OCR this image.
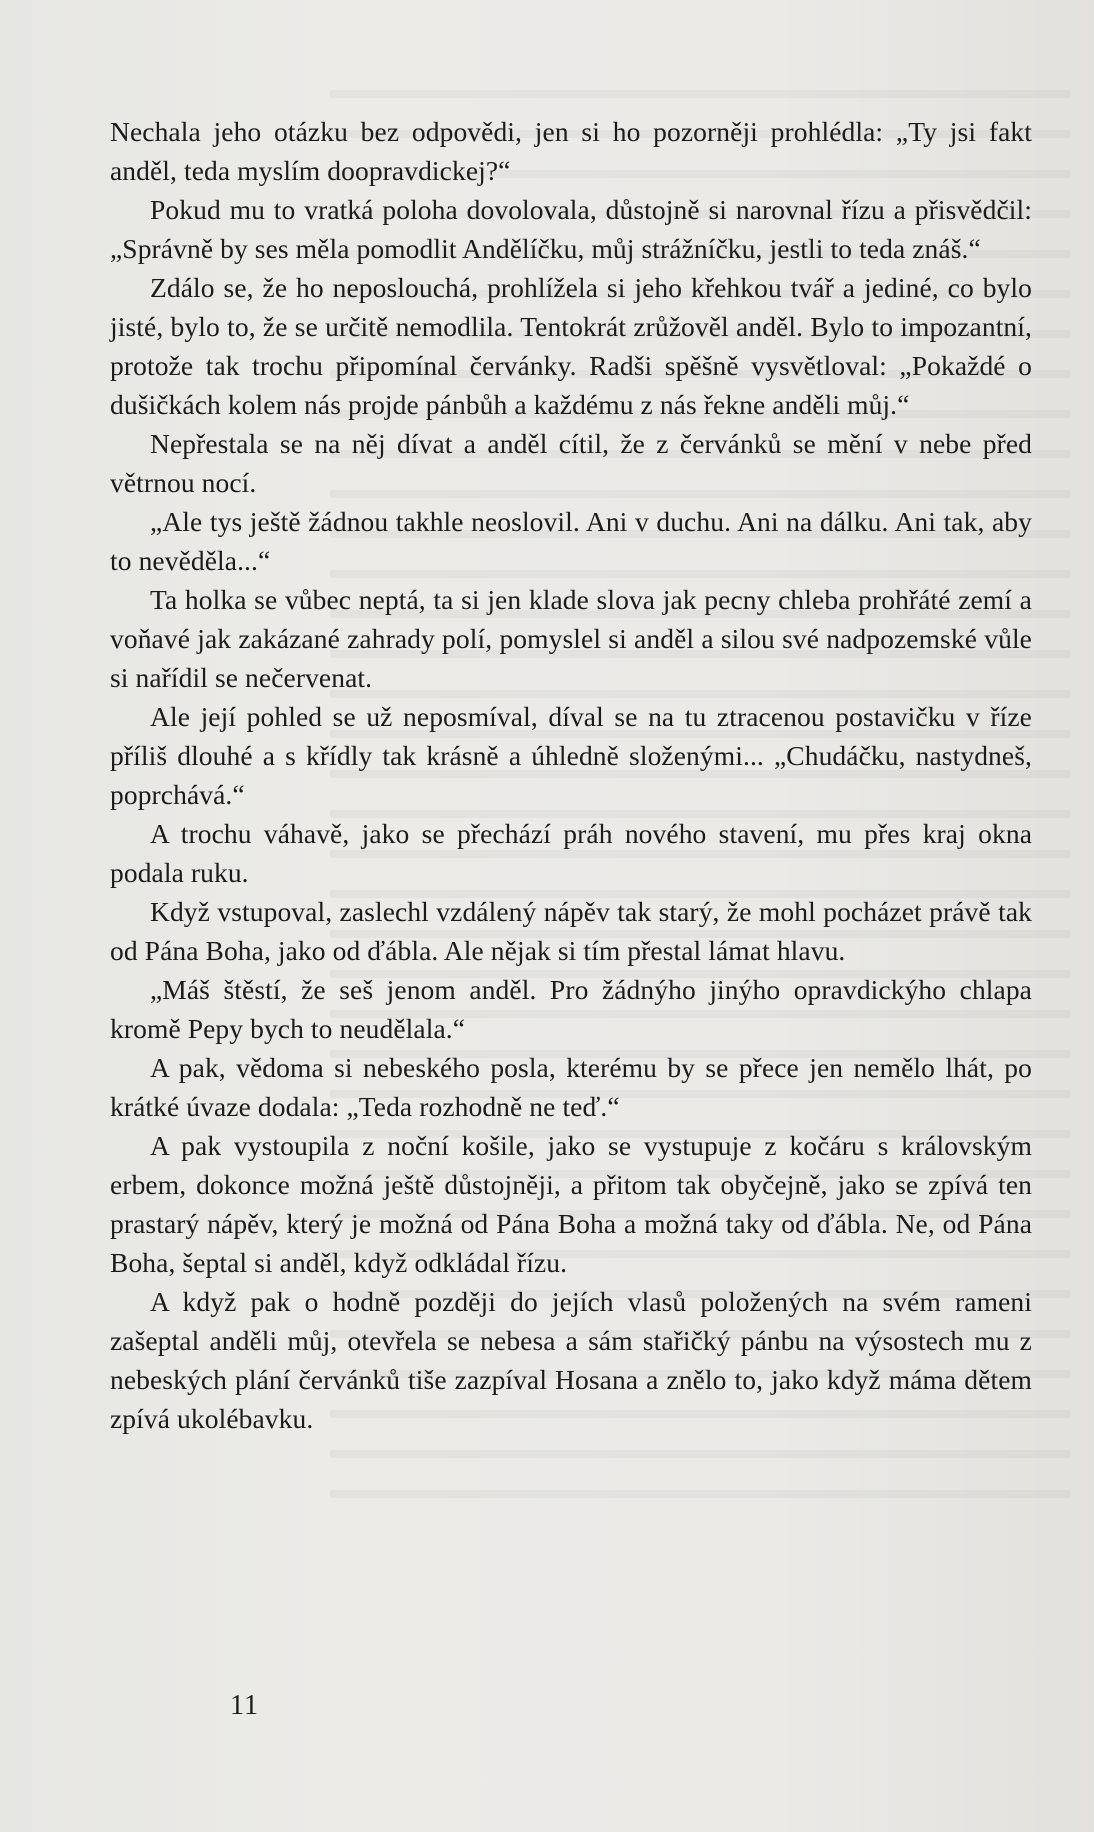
Nechala jeho otázku bez odpovědi, jen si ho pozorněji prohlédla: „Ty jsi fakt anděl, teda myslím doopravdickej?“

Pokud mu to vratká poloha dovolovala, důstojně si narovnal řízu a přisvědčil: „Správně by ses měla pomodlit Andělíčku, můj strážníčku, jestli to teda znáš.“

Zdálo se, že ho neposlouchá, prohlížela si jeho křehkou tvář a jediné, co bylo jisté, bylo to, že se určitě nemodlila. Tentokrát zrůžověl anděl. Bylo to impozantní, protože tak trochu připomínal červánky. Radši spěšně vysvětloval: „Pokaždé o dušičkách kolem nás projde pánbůh a každému z nás řekne anděli můj.“

Nepřestala se na něj dívat a anděl cítil, že z červánků se mění v nebe před větrnou nocí.

„Ale tys ještě žádnou takhle neoslovil. Ani v duchu. Ani na dálku. Ani tak, aby to nevěděla...“

Ta holka se vůbec neptá, ta si jen klade slova jak pecny chleba prohřáté zemí a voňavé jak zakázané zahrady polí, pomyslel si anděl a silou své nadpozemské vůle si nařídil se nečervenat.

Ale její pohled se už neposmíval, díval se na tu ztracenou postavičku v říze příliš dlouhé a s křídly tak krásně a úhledně složenými... „Chudáčku, nastydneš, poprchává.“

A trochu váhavě, jako se přechází práh nového stavení, mu přes kraj okna podala ruku.

Když vstupoval, zaslechl vzdálený nápěv tak starý, že mohl pocházet právě tak od Pána Boha, jako od ďábla. Ale nějak si tím přestal lámat hlavu.

„Máš štěstí, že seš jenom anděl. Pro žádnýho jinýho opravdickýho chlapa kromě Pepy bych to neudělala.“

A pak, vědoma si nebeského posla, kterému by se přece jen nemělo lhát, po krátké úvaze dodala: „Teda rozhodně ne teď.“

A pak vystoupila z noční košile, jako se vystupuje z kočáru s královským erbem, dokonce možná ještě důstojněji, a přitom tak obyčejně, jako se zpívá ten prastarý nápěv, který je možná od Pána Boha a možná taky od ďábla. Ne, od Pána Boha, šeptal si anděl, když odkládal řízu.

A když pak o hodně později do jejích vlasů položených na svém rameni zašeptal anděli můj, otevřela se nebesa a sám stařičký pánbu na výsostech mu z nebeských plání červánků tiše zazpíval Hosana a znělo to, jako když máma dětem zpívá ukolébavku.

11
